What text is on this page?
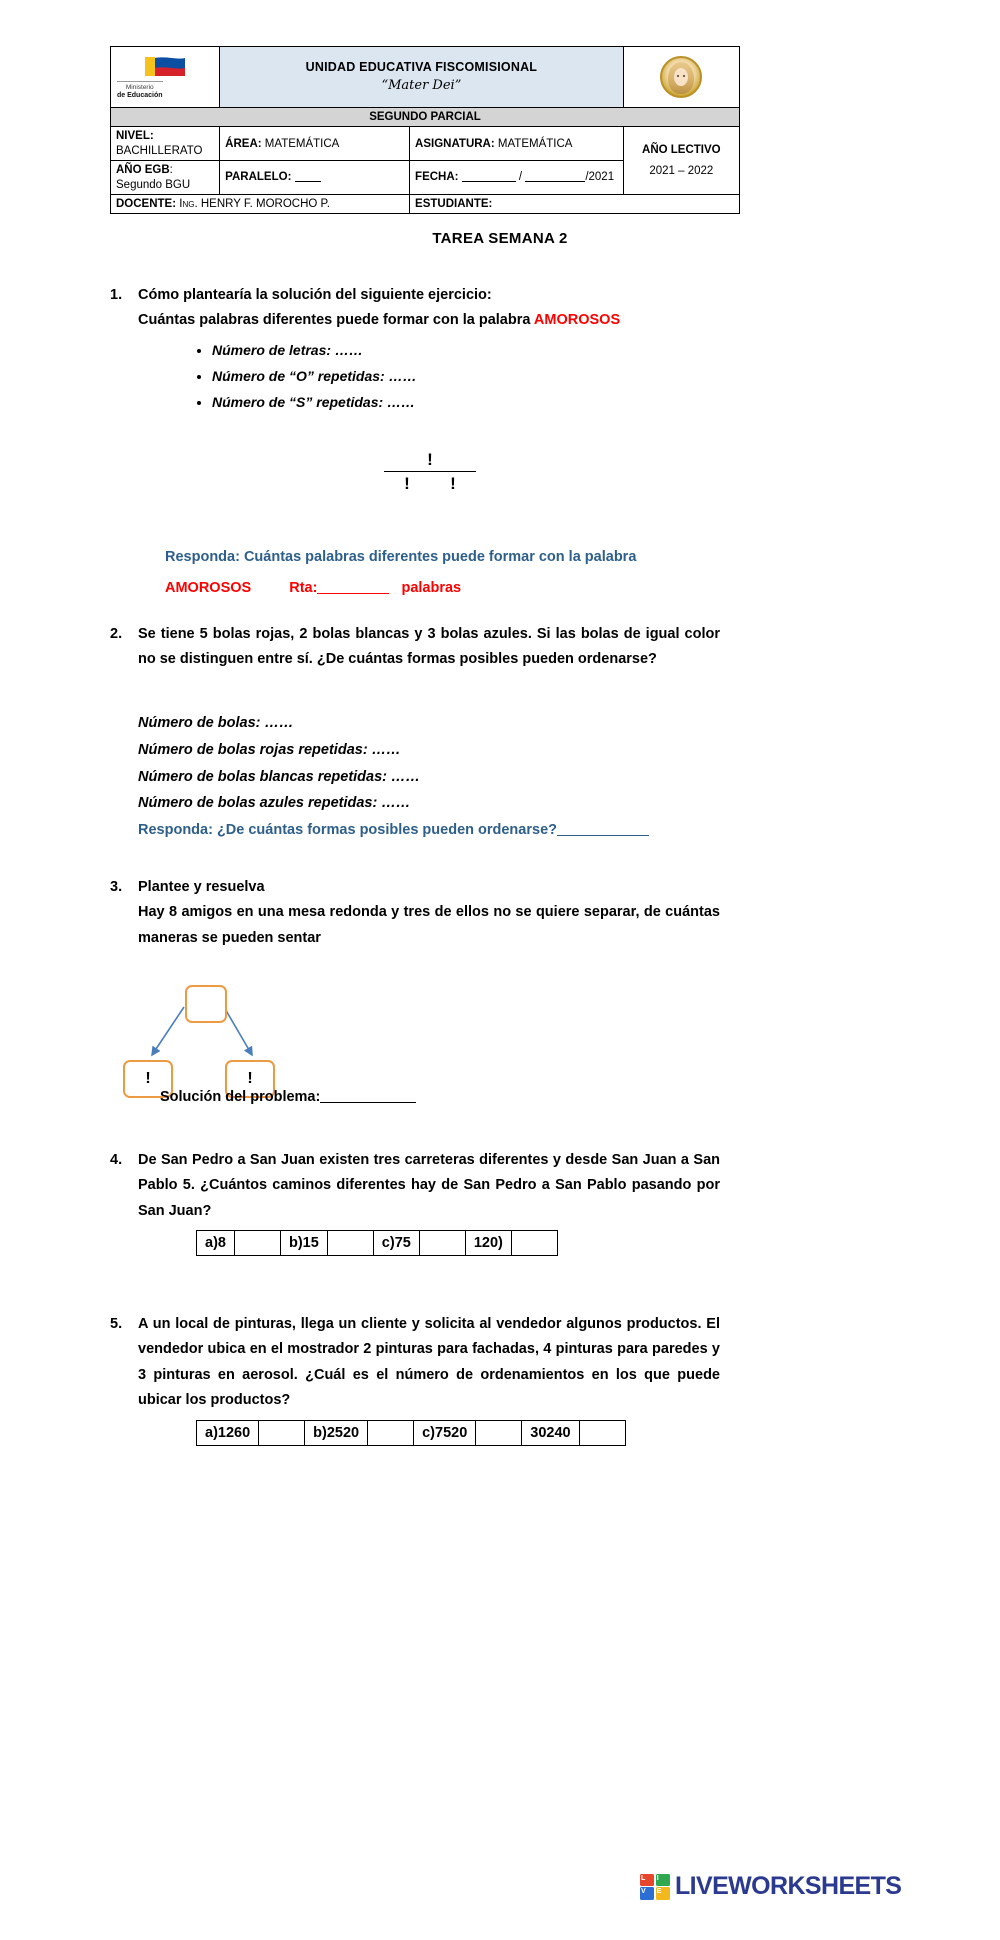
Ministerio
de Educación

UNIDAD EDUCATIVA FISCOMISIONAL
“Mater Dei”

SEGUNDO PARCIAL			
NIVEL: BACHILLERATO	ÁREA: MATEMÁTICA	ASIGNATURA: MATEMÁTICA	AÑO LECTIVO
2021 – 2022

AÑO EGB: Segundo BGU	PARALELO:	FECHA: / /2021	
DOCENTE: Ing. HENRY F. MOROCHO P.		ESTUDIANTE:	
TAREA SEMANA 2
1. Cómo plantearía la solución del siguiente ejercicio:
Cuántas palabras diferentes puede formar con la palabra AMOROSOS
• Número de letras: ……
• Número de “O” repetidas: ……
• Número de “S” repetidas: ……
!
! !
Responda: Cuántas palabras diferentes puede formar con la palabra
AMOROSOS	Rta:	palabras
2. Se tiene 5 bolas rojas, 2 bolas blancas y 3 bolas azules. Si las bolas de igual color no se distinguen entre sí. ¿De cuántas formas posibles pueden ordenarse?
Número de bolas: ……
Número de bolas rojas repetidas: ……
Número de bolas blancas repetidas: ……
Número de bolas azules repetidas: ……
Responda: ¿De cuántas formas posibles pueden ordenarse?
3. Plantee y resuelva
Hay 8 amigos en una mesa redonda y tres de ellos no se quiere separar, de cuántas maneras se pueden sentar
!	!
Solución del problema:
4. De San Pedro a San Juan existen tres carreteras diferentes y desde San Juan a San Pablo 5. ¿Cuántos caminos diferentes hay de San Pedro a San Pablo pasando por San Juan?
a)8	b)15	c)75	120)
5. A un local de pinturas, llega un cliente y solicita al vendedor algunos productos. El vendedor ubica en el mostrador 2 pinturas para fachadas, 4 pinturas para paredes y 3 pinturas en aerosol. ¿Cuál es el número de ordenamientos en los que puede ubicar los productos?
a)1260	b)2520	c)7520	30240
L I
V E LIVEWORKSHEETS
